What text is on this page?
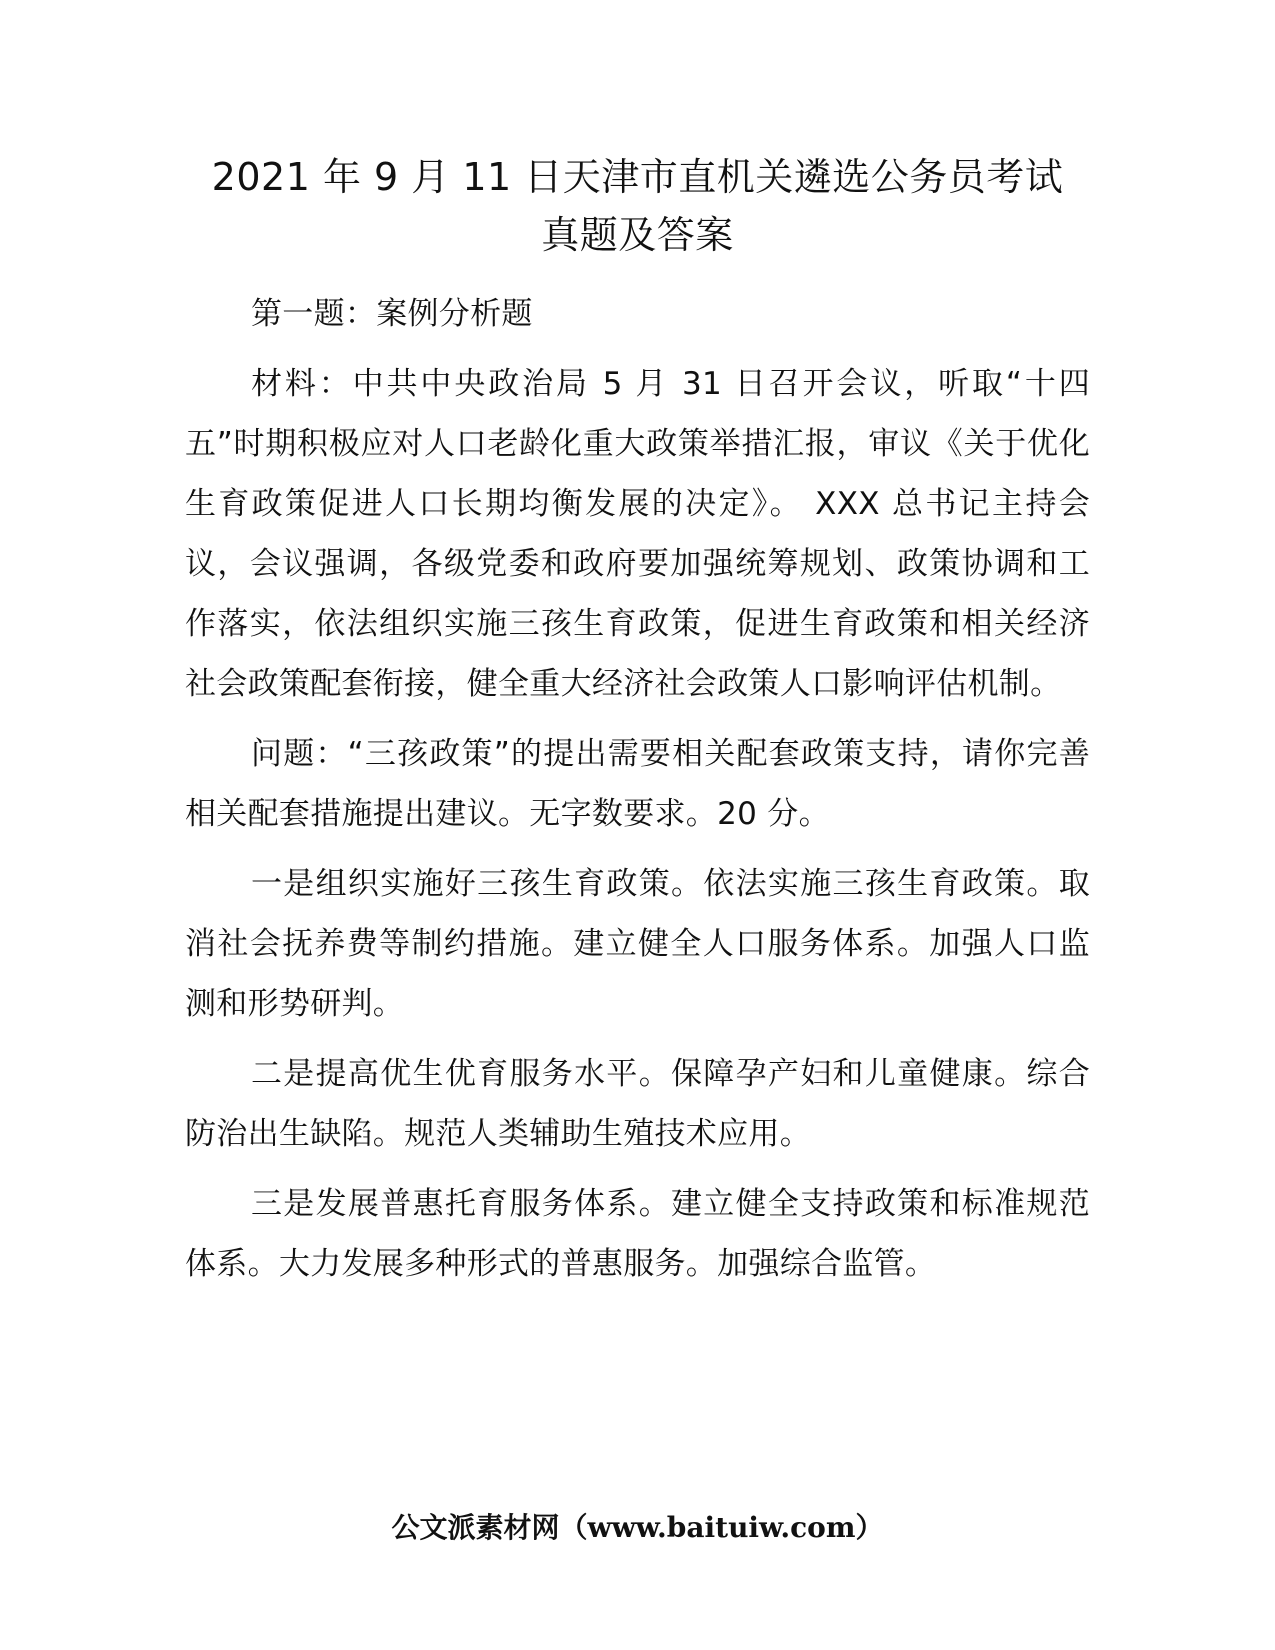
2021 年 9 月 11 日天津市直机关遴选公务员考试
真题及答案

第一题：案例分析题

材料：中共中央政治局 5 月 31 日召开会议，听取“十四五”时期积极应对人口老龄化重大政策举措汇报，审议《关于优化生育政策促进人口长期均衡发展的决定》。 XXX 总书记主持会议，会议强调，各级党委和政府要加强统筹规划、政策协调和工作落实，依法组织实施三孩生育政策，促进生育政策和相关经济社会政策配套衔接，健全重大经济社会政策人口影响评估机制。

问题：“三孩政策”的提出需要相关配套政策支持，请你完善相关配套措施提出建议。无字数要求。20 分。

一是组织实施好三孩生育政策。依法实施三孩生育政策。取消社会抚养费等制约措施。建立健全人口服务体系。加强人口监测和形势研判。

二是提高优生优育服务水平。保障孕产妇和儿童健康。综合防治出生缺陷。规范人类辅助生殖技术应用。

三是发展普惠托育服务体系。建立健全支持政策和标准规范体系。大力发展多种形式的普惠服务。加强综合监管。

公文派素材网（www.baituiw.com）
